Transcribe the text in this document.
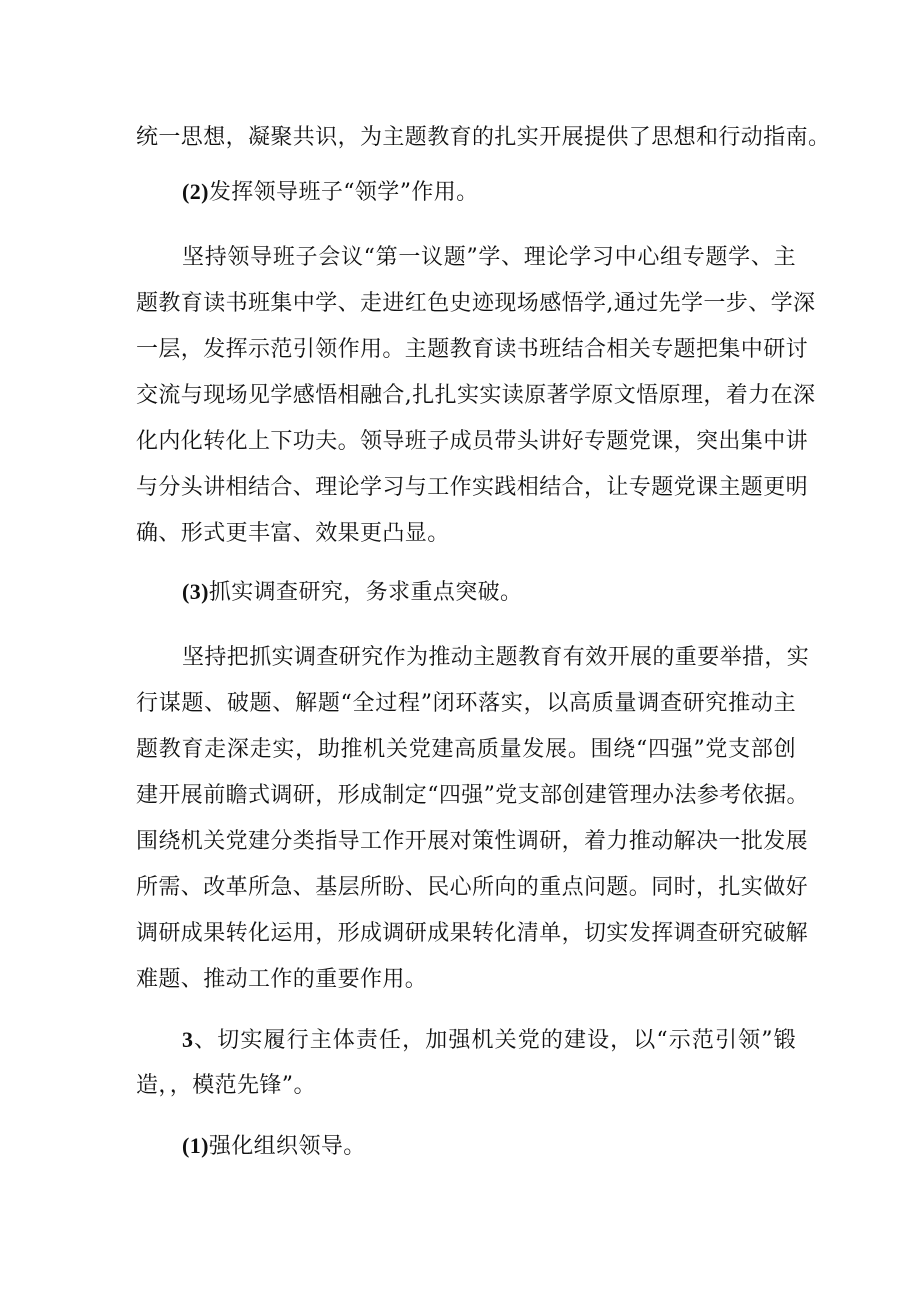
统一思想，凝聚共识，为主题教育的扎实开展提供了思想和行动指南。
(2)发挥领导班子“领学”作用。
坚持领导班子会议“第一议题”学、理论学习中心组专题学、主
题教育读书班集中学、走进红色史迹现场感悟学,通过先学一步、学深
一层，发挥示范引领作用。主题教育读书班结合相关专题把集中研讨
交流与现场见学感悟相融合,扎扎实实读原著学原文悟原理，着力在深
化内化转化上下功夫。领导班子成员带头讲好专题党课，突出集中讲
与分头讲相结合、理论学习与工作实践相结合，让专题党课主题更明
确、形式更丰富、效果更凸显。
(3)抓实调查研究，务求重点突破。
坚持把抓实调查研究作为推动主题教育有效开展的重要举措，实
行谋题、破题、解题“全过程”闭环落实，以高质量调查研究推动主
题教育走深走实，助推机关党建高质量发展。围绕“四强”党支部创
建开展前瞻式调研，形成制定“四强”党支部创建管理办法参考依据。
围绕机关党建分类指导工作开展对策性调研，着力推动解决一批发展
所需、改革所急、基层所盼、民心所向的重点问题。同时，扎实做好
调研成果转化运用，形成调研成果转化清单，切实发挥调查研究破解
难题、推动工作的重要作用。
3、切实履行主体责任，加强机关党的建设，以“示范引领”锻
造，，模范先锋”。
(1)强化组织领导。
